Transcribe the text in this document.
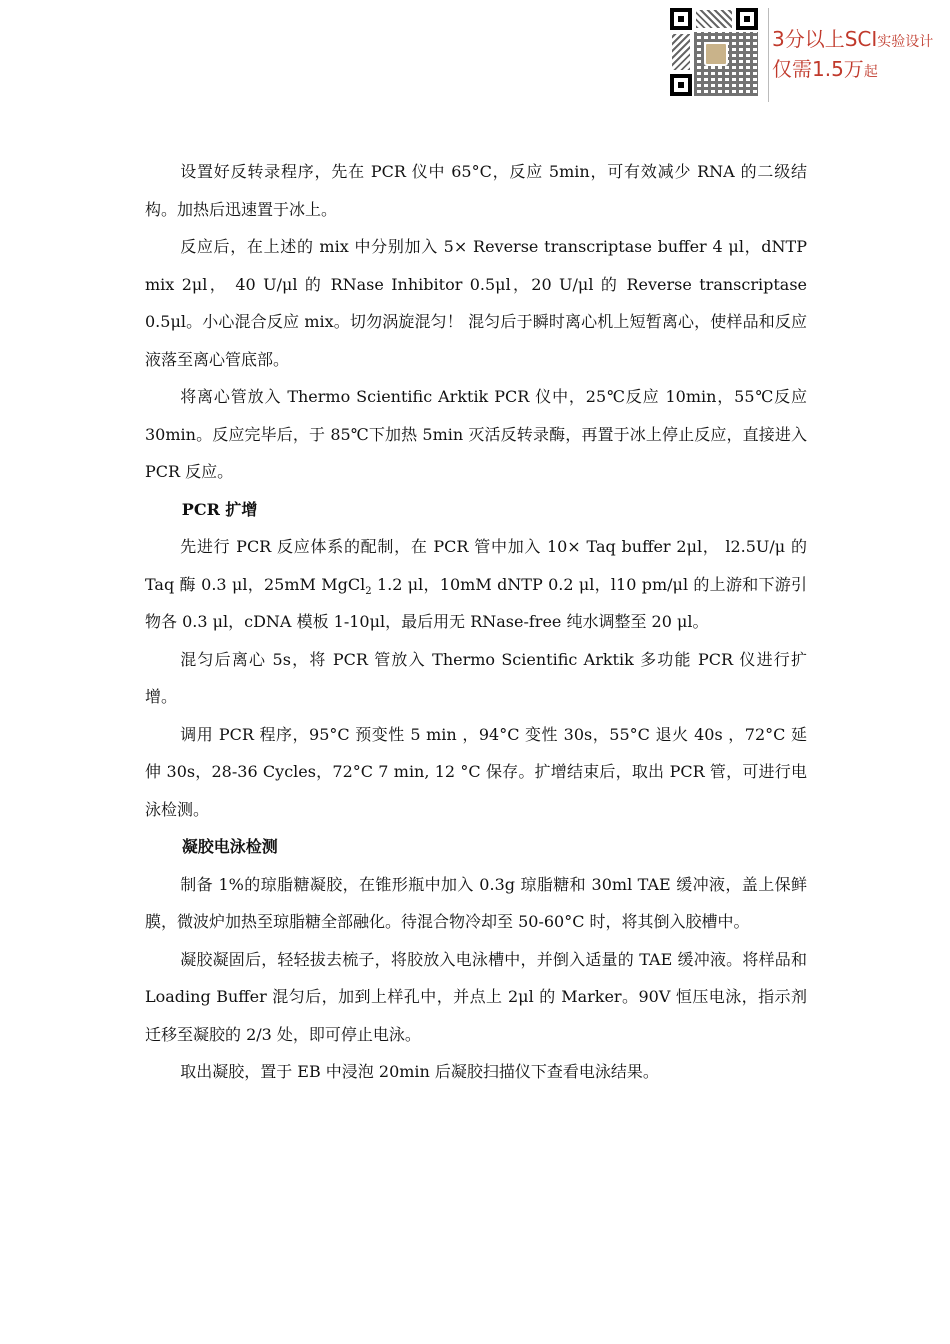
3分以上SCI实验设计
仅需1.5万起

设置好反转录程序，先在 PCR 仪中 65°C，反应 5min，可有效减少 RNA 的二级结构。加热后迅速置于冰上。

反应后，在上述的 mix 中分别加入 5× Reverse transcriptase buffer 4 μl，dNTP mix 2μl， 40 U/μl 的 RNase Inhibitor 0.5μl，20 U/μl 的 Reverse transcriptase 0.5μl。小心混合反应 mix。切勿涡旋混匀！ 混匀后于瞬时离心机上短暂离心，使样品和反应液落至离心管底部。

将离心管放入 Thermo Scientific Arktik PCR 仪中，25℃反应 10min，55℃反应 30min。反应完毕后，于 85℃下加热 5min 灭活反转录酶，再置于冰上停止反应，直接进入 PCR 反应。

PCR 扩增

先进行 PCR 反应体系的配制，在 PCR 管中加入 10× Taq buffer 2μl， l2.5U/μ 的 Taq 酶 0.3 μl，25mM MgCl$_2$ 1.2 μl，10mM dNTP 0.2 μl，l10 pm/μl 的上游和下游引物各 0.3 μl，cDNA 模板 1-10μl，最后用无 RNase-free 纯水调整至 20 μl。

混匀后离心 5s，将 PCR 管放入 Thermo Scientific Arktik 多功能 PCR 仪进行扩增。

调用 PCR 程序，95°C 预变性 5 min ，94°C 变性 30s，55°C 退火 40s ，72°C 延伸 30s，28-36 Cycles，72°C 7 min, 12 °C 保存。扩增结束后，取出 PCR 管，可进行电泳检测。

凝胶电泳检测

制备 1%的琼脂糖凝胶，在锥形瓶中加入 0.3g 琼脂糖和 30ml TAE 缓冲液，盖上保鲜膜，微波炉加热至琼脂糖全部融化。待混合物冷却至 50-60°C 时，将其倒入胶槽中。

凝胶凝固后，轻轻拔去梳子，将胶放入电泳槽中，并倒入适量的 TAE 缓冲液。将样品和 Loading Buffer 混匀后，加到上样孔中，并点上 2μl 的 Marker。90V 恒压电泳，指示剂迁移至凝胶的 2/3 处，即可停止电泳。

取出凝胶，置于 EB 中浸泡 20min 后凝胶扫描仪下查看电泳结果。
